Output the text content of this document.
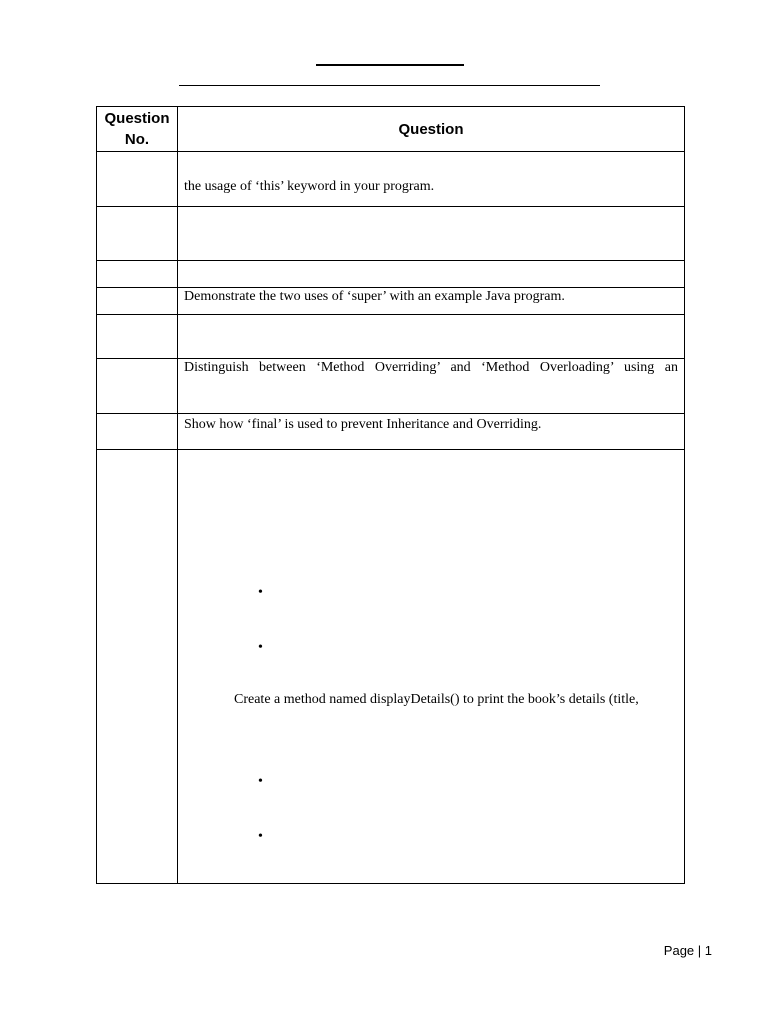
Question No.	Question

	the usage of ‘this’ keyword in your program.

	Demonstrate the two uses of ‘super’ with an example Java program.

	Distinguish between ‘Method Overriding’ and ‘Method Overloading’ using an

	Show how ‘final’ is used to prevent Inheritance and Overriding.

	•
•
Create a method named displayDetails() to print the book’s details (title,
•
•
Page | 1
